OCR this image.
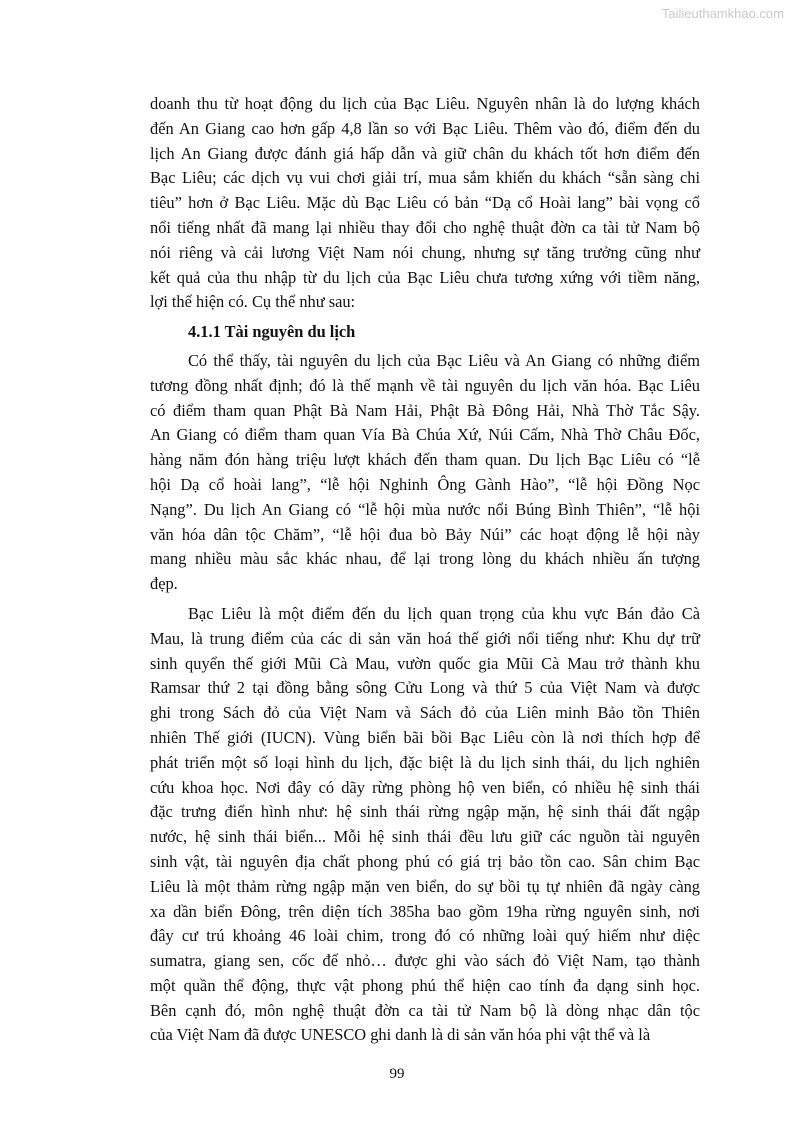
Tailieuthamkhao.com
doanh thu từ hoạt động du lịch của Bạc Liêu. Nguyên nhân là do lượng khách
đến An Giang cao hơn gấp 4,8 lần so với Bạc Liêu. Thêm vào đó, điểm đến du
lịch An Giang được đánh giá hấp dẫn và giữ chân du khách tốt hơn điểm đến
Bạc Liêu; các dịch vụ vui chơi giải trí, mua sắm khiến du khách “sẵn sàng chi
tiêu” hơn ở Bạc Liêu. Mặc dù Bạc Liêu có bản “Dạ cổ Hoài lang” bài vọng cổ
nổi tiếng nhất đã mang lại nhiều thay đổi cho nghệ thuật đờn ca tài tử Nam bộ
nói riêng và cải lương Việt Nam nói chung, nhưng sự tăng trưởng cũng như
kết quả của thu nhập từ du lịch của Bạc Liêu chưa tương xứng với tiềm năng,
lợi thế hiện có. Cụ thể như sau:
4.1.1 Tài nguyên du lịch
Có thể thấy, tài nguyên du lịch của Bạc Liêu và An Giang có những điểm
tương đồng nhất định; đó là thế mạnh về tài nguyên du lịch văn hóa. Bạc Liêu
có điểm tham quan Phật Bà Nam Hải, Phật Bà Đông Hải, Nhà Thờ Tắc Sậy.
An Giang có điểm tham quan Vía Bà Chúa Xứ, Núi Cấm, Nhà Thờ Châu Đốc,
hàng năm đón hàng triệu lượt khách đến tham quan. Du lịch Bạc Liêu có “lễ
hội Dạ cổ hoài lang”, “lễ hội Nghinh Ông Gành Hào”, “lễ hội Đồng Nọc
Nạng”. Du lịch An Giang có “lễ hội mùa nước nổi Búng Bình Thiên”, “lễ hội
văn hóa dân tộc Chăm”, “lễ hội đua bò Bảy Núi” các hoạt động lễ hội này
mang nhiều màu sắc khác nhau, để lại trong lòng du khách nhiều ấn tượng
đẹp.
Bạc Liêu là một điểm đến du lịch quan trọng của khu vực Bán đảo Cà
Mau, là trung điểm của các di sản văn hoá thế giới nổi tiếng như: Khu dự trữ
sinh quyển thế giới Mũi Cà Mau, vườn quốc gia Mũi Cà Mau trở thành khu
Ramsar thứ 2 tại đồng bằng sông Cửu Long và thứ 5 của Việt Nam và được
ghi trong Sách đỏ của Việt Nam và Sách đỏ của Liên minh Bảo tồn Thiên
nhiên Thế giới (IUCN). Vùng biển bãi bồi Bạc Liêu còn là nơi thích hợp để
phát triển một số loại hình du lịch, đặc biệt là du lịch sinh thái, du lịch nghiên
cứu khoa học. Nơi đây có dãy rừng phòng hộ ven biển, có nhiều hệ sinh thái
đặc trưng điển hình như: hệ sinh thái rừng ngập mặn, hệ sinh thái đất ngập
nước, hệ sinh thái biển... Mỗi hệ sinh thái đều lưu giữ các nguồn tài nguyên
sinh vật, tài nguyên địa chất phong phú có giá trị bảo tồn cao. Sân chim Bạc
Liêu là một thảm rừng ngập mặn ven biển, do sự bồi tụ tự nhiên đã ngày càng
xa dần biển Đông, trên diện tích 385ha bao gồm 19ha rừng nguyên sinh, nơi
đây cư trú khoảng 46 loài chim, trong đó có những loài quý hiếm như diệc
sumatra, giang sen, cốc đế nhỏ… được ghi vào sách đỏ Việt Nam, tạo thành
một quần thể động, thực vật phong phú thể hiện cao tính đa dạng sinh học.
Bên cạnh đó, môn nghệ thuật đờn ca tài tử Nam bộ là dòng nhạc dân tộc
của Việt Nam đã được UNESCO ghi danh là di sản văn hóa phi vật thể và là
99
